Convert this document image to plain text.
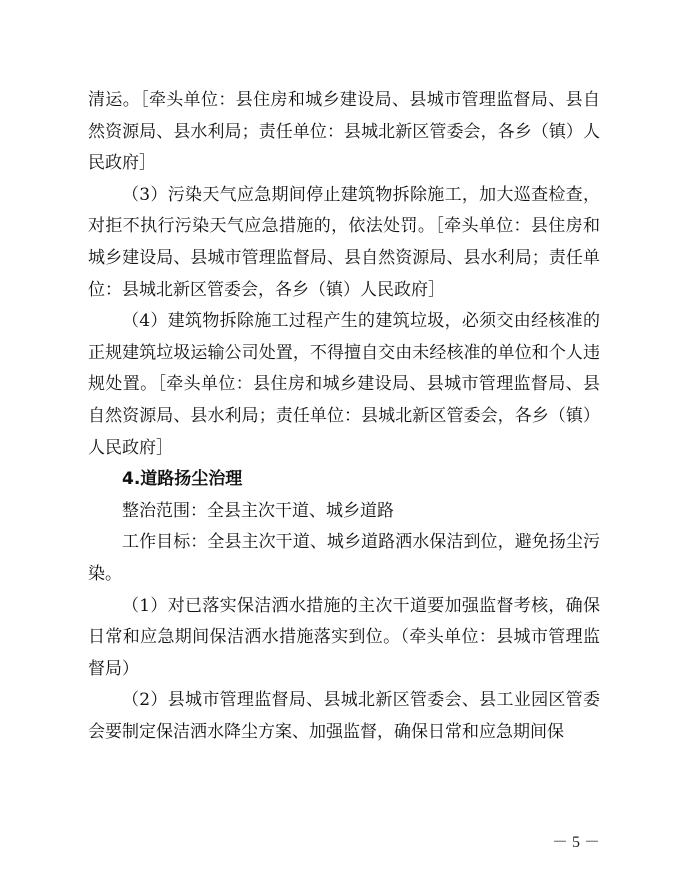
清运。［牵头单位：县住房和城乡建设局、县城市管理监督局、县自然资源局、县水利局；责任单位：县城北新区管委会，各乡（镇）人民政府］

（3）污染天气应急期间停止建筑物拆除施工，加大巡查检查，对拒不执行污染天气应急措施的，依法处罚。［牵头单位：县住房和城乡建设局、县城市管理监督局、县自然资源局、县水利局；责任单位：县城北新区管委会，各乡（镇）人民政府］

（4）建筑物拆除施工过程产生的建筑垃圾，必须交由经核准的正规建筑垃圾运输公司处置，不得擅自交由未经核准的单位和个人违规处置。［牵头单位：县住房和城乡建设局、县城市管理监督局、县自然资源局、县水利局；责任单位：县城北新区管委会，各乡（镇）人民政府］

4.道路扬尘治理

整治范围：全县主次干道、城乡道路

工作目标：全县主次干道、城乡道路洒水保洁到位，避免扬尘污染。

（1）对已落实保洁洒水措施的主次干道要加强监督考核，确保日常和应急期间保洁洒水措施落实到位。（牵头单位：县城市管理监督局）

（2）县城市管理监督局、县城北新区管委会、县工业园区管委会要制定保洁洒水降尘方案、加强监督，确保日常和应急期间保

－ 5 －
